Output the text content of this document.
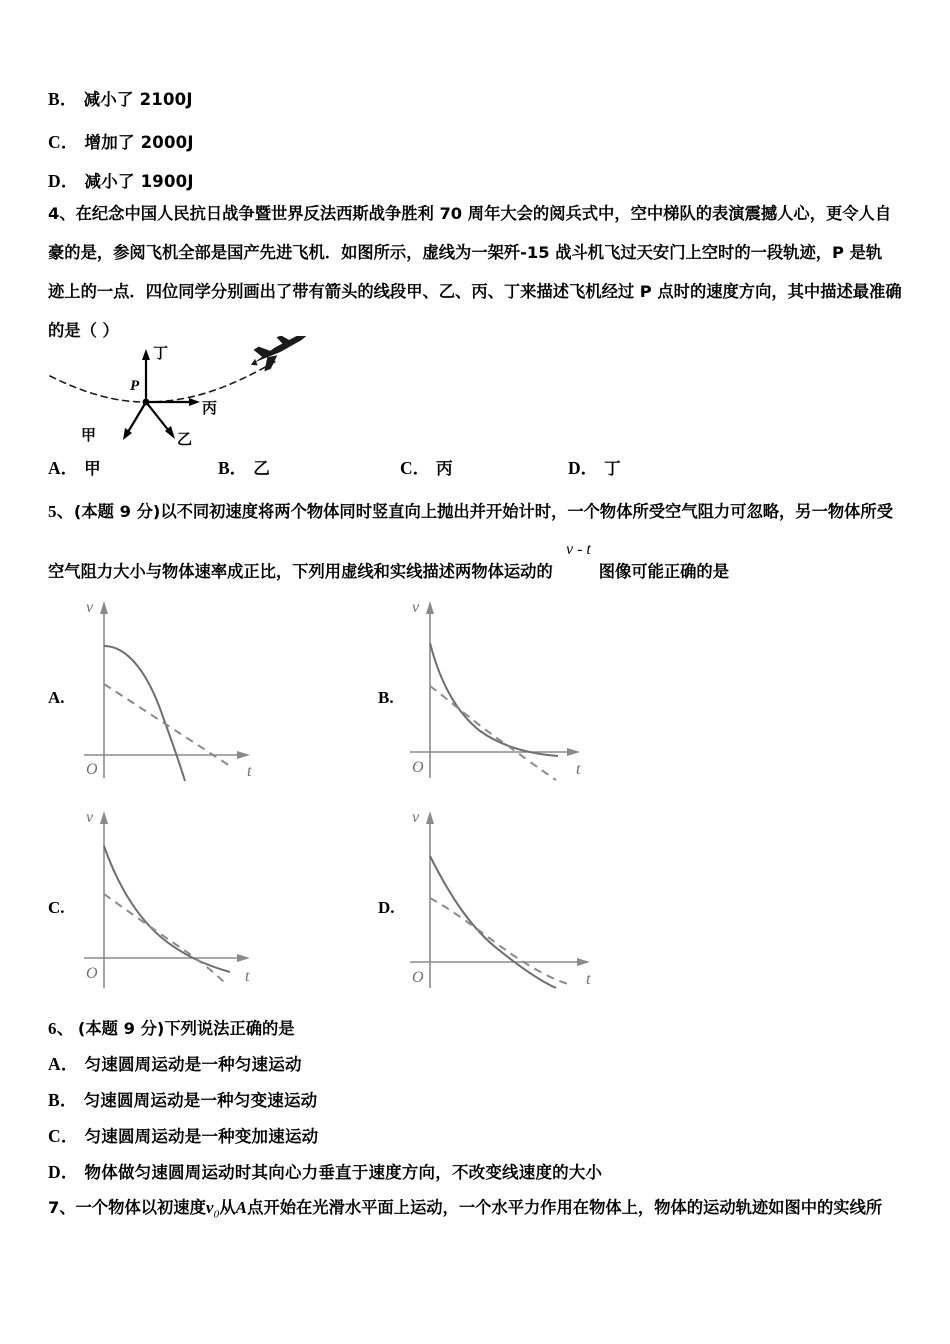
B． 减小了 2100J
C． 增加了 2000J
D． 减小了 1900J
4、在纪念中国人民抗日战争暨世界反法西斯战争胜利 70 周年大会的阅兵式中，空中梯队的表演震撼人心，更令人自
豪的是，参阅飞机全部是国产先进飞机．如图所示，虚线为一架歼-15 战斗机飞过天安门上空时的一段轨迹，P 是轨
迹上的一点．四位同学分别画出了带有箭头的线段甲、乙、丙、丁来描述飞机经过 P 点时的速度方向，其中描述最准确
的是（ ）
丁
丙
甲	乙
P
A． 甲	B． 乙	C． 丙	D． 丁
5、(本题 9 分)以不同初速度将两个物体同时竖直向上抛出并开始计时，一个物体所受空气阻力可忽略，另一物体所受
空气阻力大小与物体速率成正比，下列用虚线和实线描述两物体运动的	图像可能正确的是
v - t
A.
v
O	t
B.
v
O	t
C.
v
O	t
D.
v
O	t
6、 (本题 9 分)下列说法正确的是
A． 匀速圆周运动是一种匀速运动
B． 匀速圆周运动是一种匀变速运动
C． 匀速圆周运动是一种变加速运动
D． 物体做匀速圆周运动时其向心力垂直于速度方向，不改变线速度的大小
7、一个物体以初速度$v_0$从A点开始在光滑水平面上运动，一个水平力作用在物体上，物体的运动轨迹如图中的实线所
